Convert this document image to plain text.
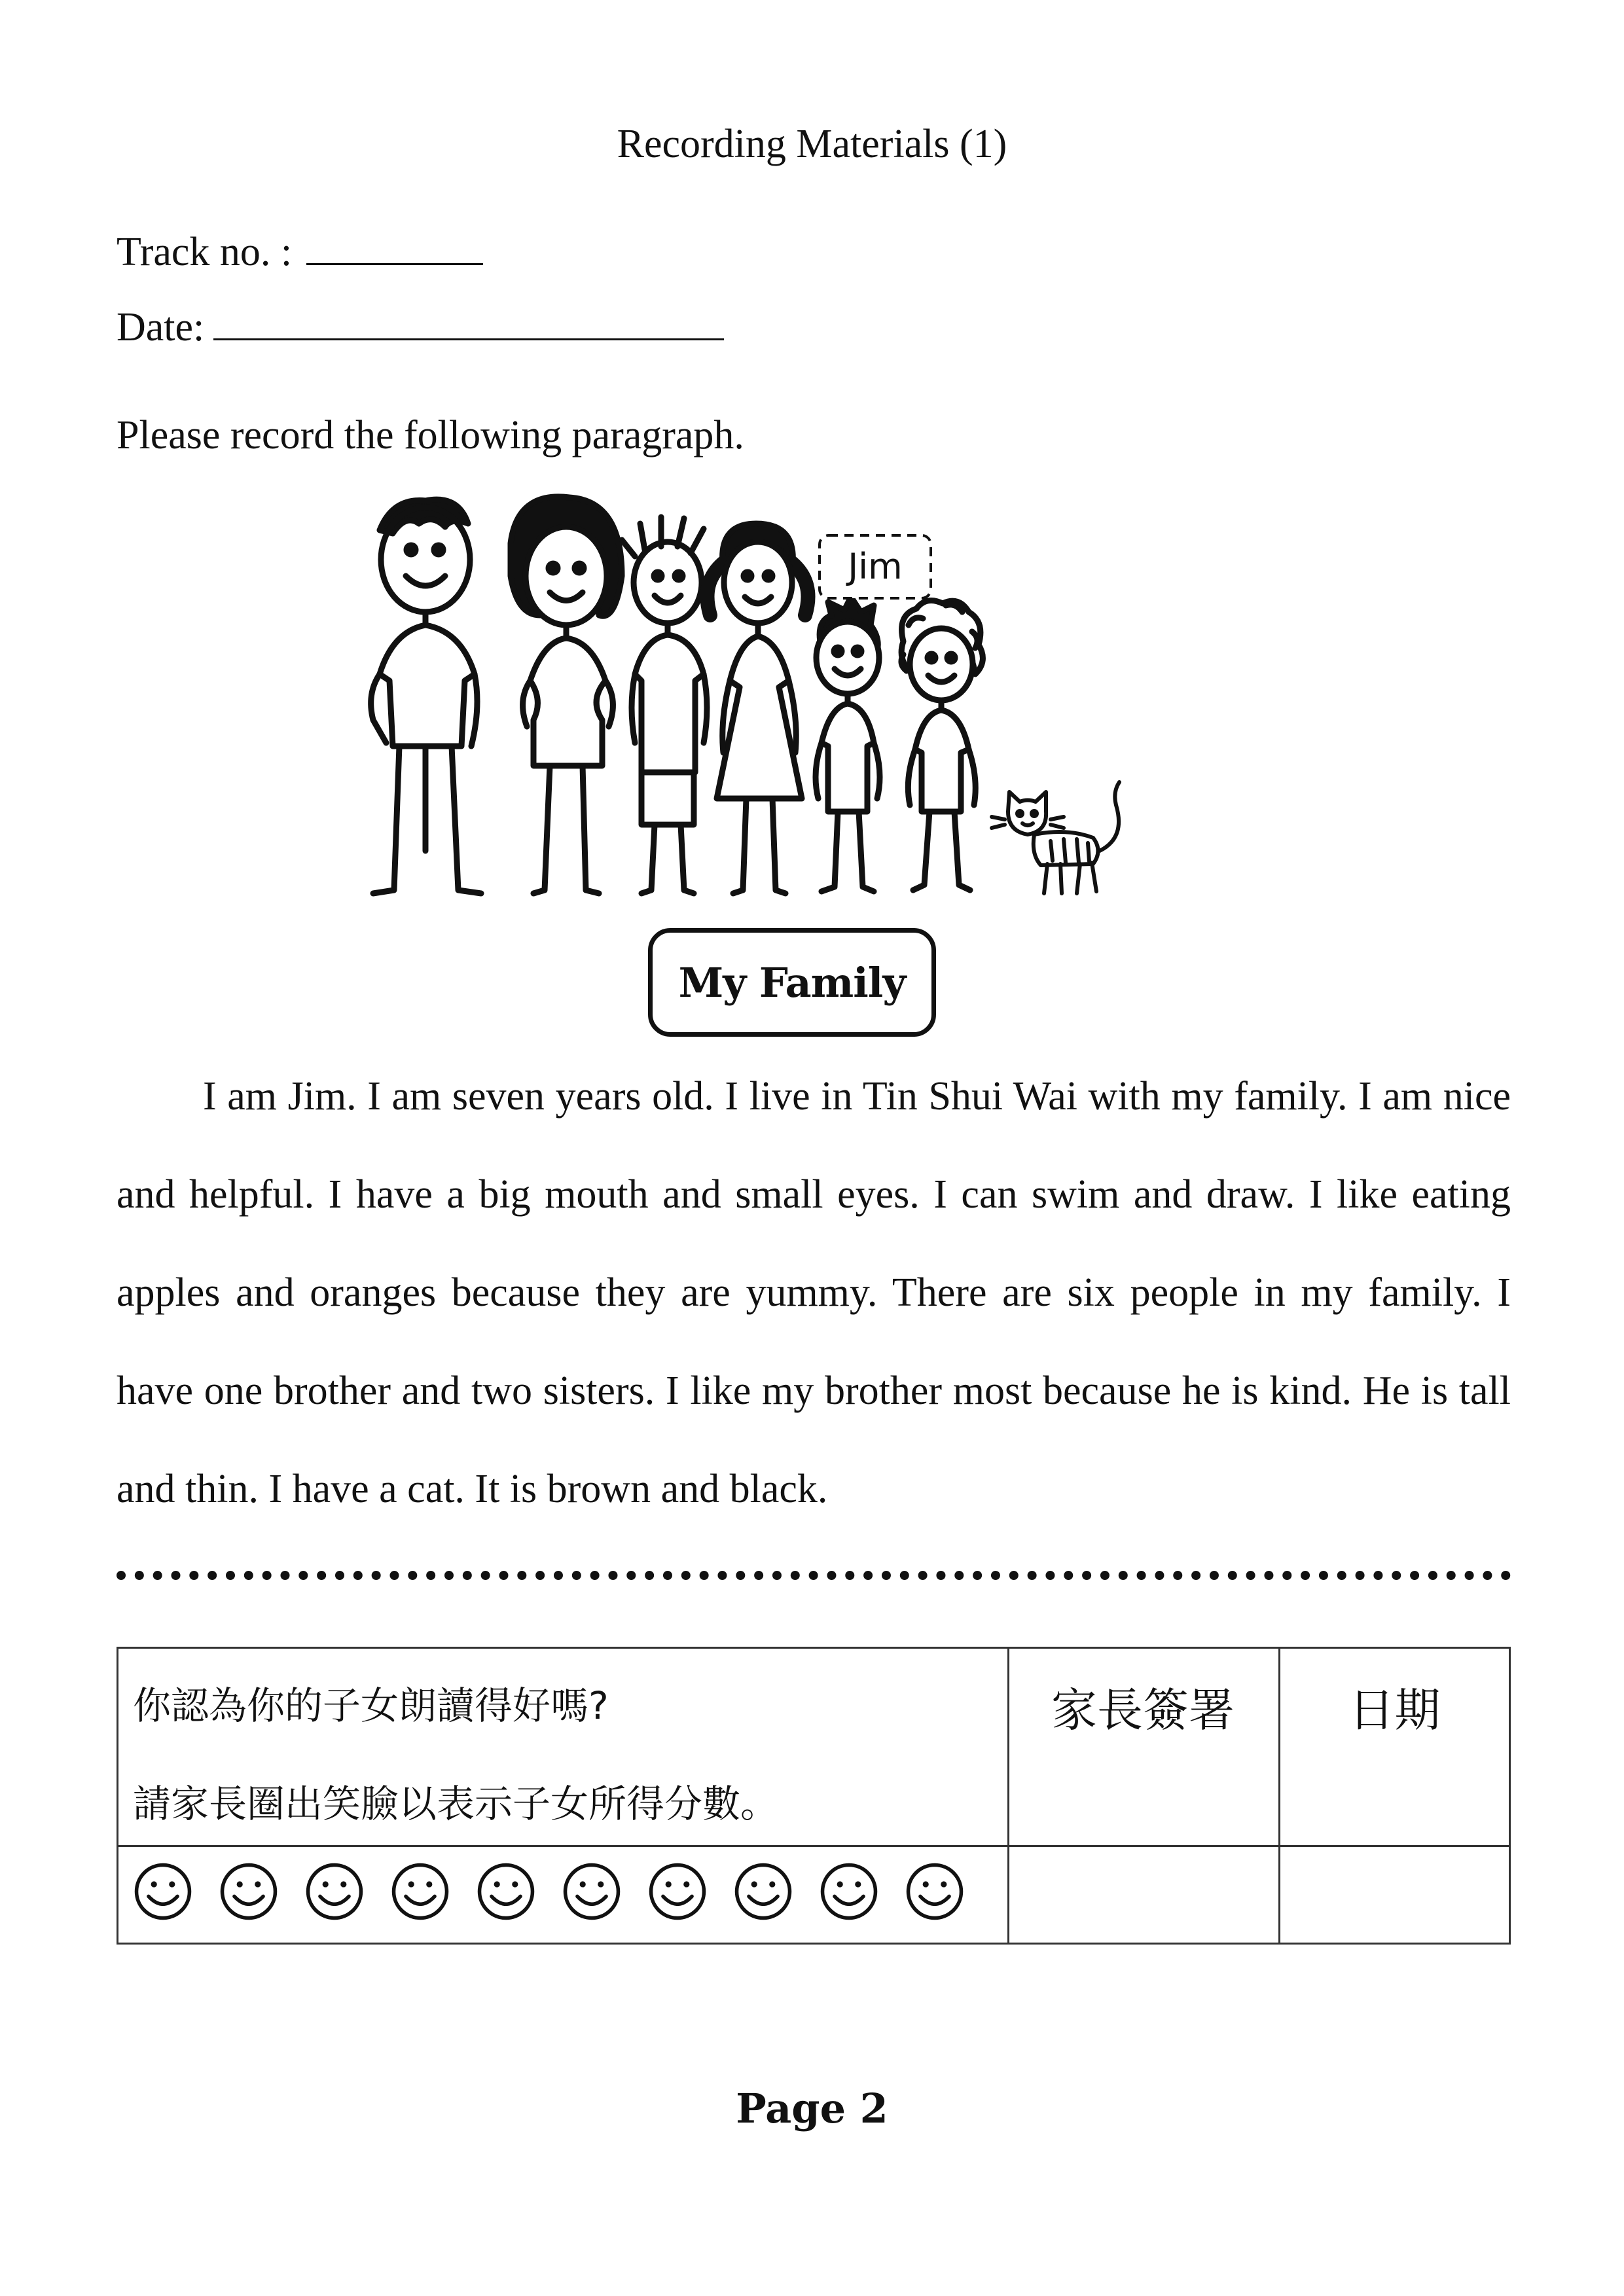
Recording Materials (1)
Track no. :
Date:
Please record the following paragraph.
Jim
My Family
I am Jim. I am seven years old. I live in Tin Shui Wai with my family. I am nice and helpful. I have a big mouth and small eyes. I can swim and draw. I like eating apples and oranges because they are yummy. There are six people in my family. I have one brother and two sisters. I like my brother most because he is kind. He is tall and thin. I have a cat. It is brown and black.
你認為你的子女朗讀得好嗎?
請家長圈出笑臉以表示子女所得分數。
家長簽署	日期
Page 2
